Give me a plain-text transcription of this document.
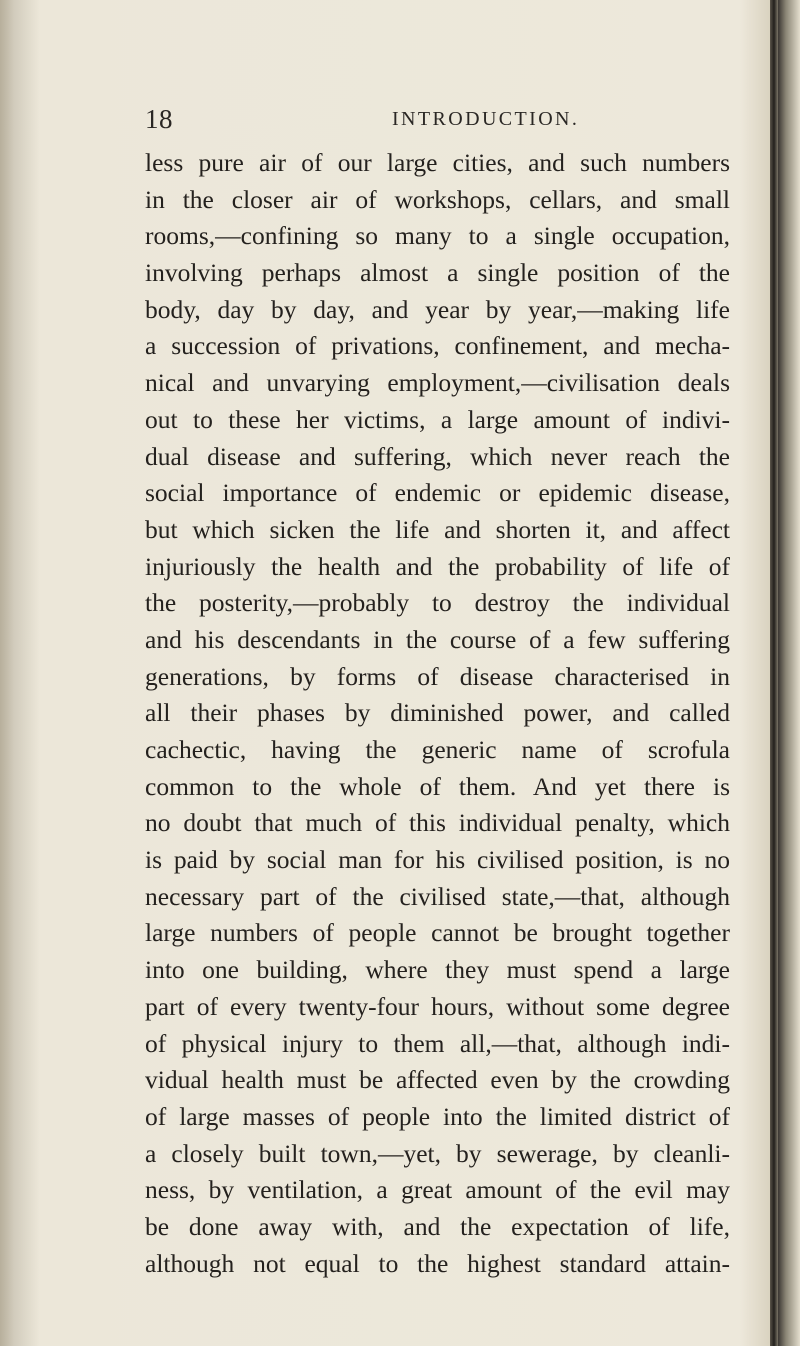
18	INTRODUCTION.
less pure air of our large cities, and such numbers
in the closer air of workshops, cellars, and small
rooms,—confining so many to a single occupation,
involving perhaps almost a single position of the
body, day by day, and year by year,—making life
a succession of privations, confinement, and mecha-
nical and unvarying employment,—civilisation deals
out to these her victims, a large amount of indivi-
dual disease and suffering, which never reach the
social importance of endemic or epidemic disease,
but which sicken the life and shorten it, and affect
injuriously the health and the probability of life of
the posterity,—probably to destroy the individual
and his descendants in the course of a few suffering
generations, by forms of disease characterised in
all their phases by diminished power, and called
cachectic, having the generic name of scrofula
common to the whole of them. And yet there is
no doubt that much of this individual penalty, which
is paid by social man for his civilised position, is no
necessary part of the civilised state,—that, although
large numbers of people cannot be brought together
into one building, where they must spend a large
part of every twenty-four hours, without some degree
of physical injury to them all,—that, although indi-
vidual health must be affected even by the crowding
of large masses of people into the limited district of
a closely built town,—yet, by sewerage, by cleanli-
ness, by ventilation, a great amount of the evil may
be done away with, and the expectation of life,
although not equal to the highest standard attain-
